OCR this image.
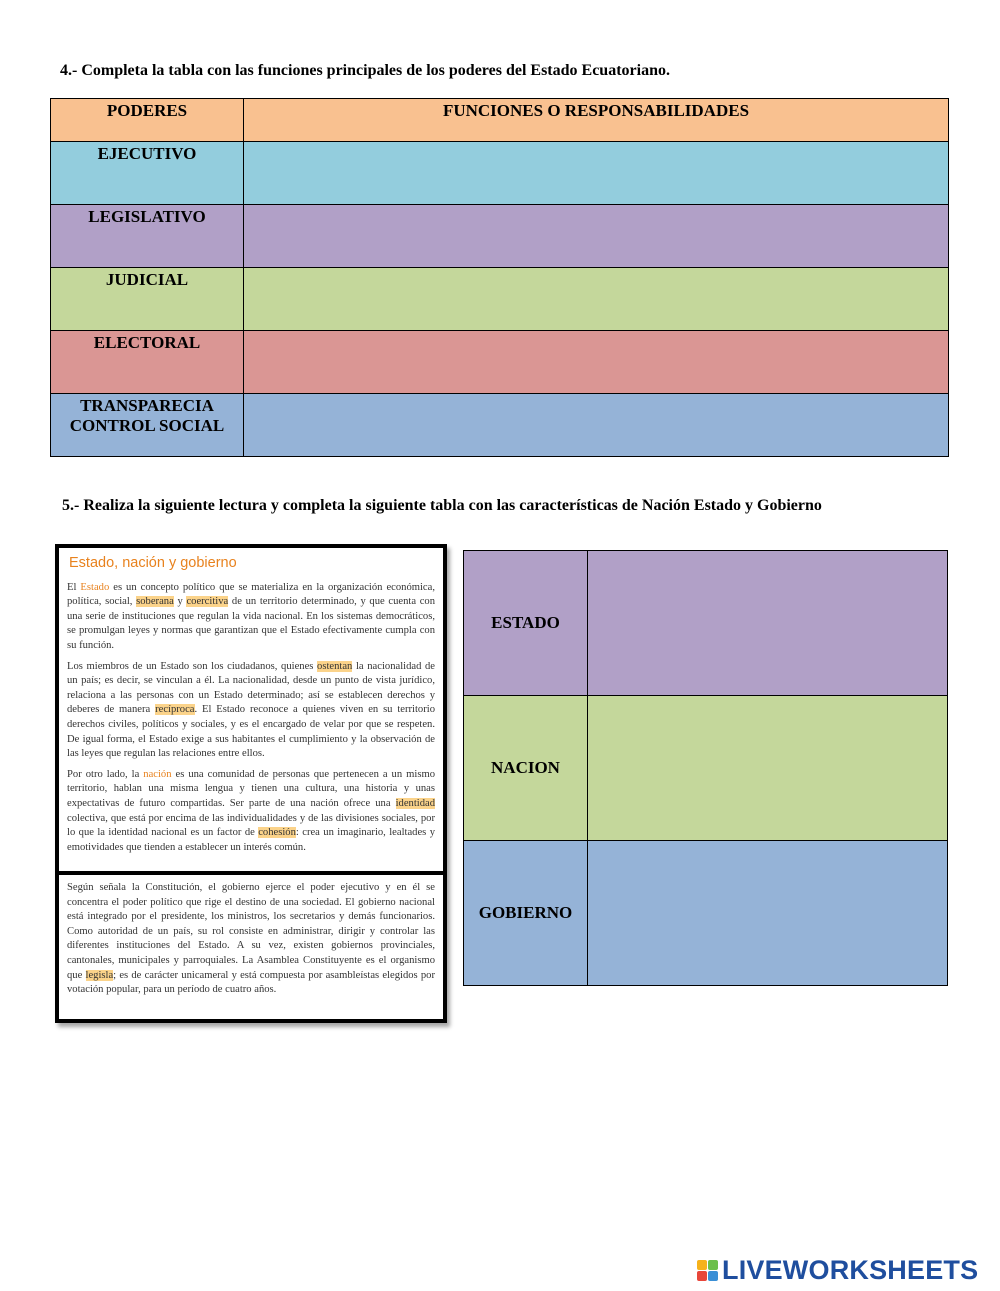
4.- Completa la tabla con las funciones principales de los poderes del Estado Ecuatoriano.
PODERES	FUNCIONES O RESPONSABILIDADES

EJECUTIVO	

LEGISLATIVO	

JUDICIAL	

ELECTORAL	

TRANSPARECIA
CONTROL SOCIAL	

5.- Realiza la siguiente lectura y completa la siguiente tabla con las características de Nación Estado y Gobierno
Estado, nación y gobierno

El Estado es un concepto político que se materializa en la organización económica, política, social, soberana y coercitiva de un territorio determinado, y que cuenta con una serie de instituciones que regulan la vida nacional. En los sistemas democráticos, se promulgan leyes y normas que garantizan que el Estado efectivamente cumpla con su función.

Los miembros de un Estado son los ciudadanos, quienes ostentan la nacionalidad de un país; es decir, se vinculan a él. La nacionalidad, desde un punto de vista jurídico, relaciona a las personas con un Estado determinado; así se establecen derechos y deberes de manera recíproca. El Estado reconoce a quienes viven en su territorio derechos civiles, políticos y sociales, y es el encargado de velar por que se respeten. De igual forma, el Estado exige a sus habitantes el cumplimiento y la observación de las leyes que regulan las relaciones entre ellos.

Por otro lado, la nación es una comunidad de personas que pertenecen a un mismo territorio, hablan una misma lengua y tienen una cultura, una historia y unas expectativas de futuro compartidas. Ser parte de una nación ofrece una identidad colectiva, que está por encima de las individualidades y de las divisiones sociales, por lo que la identidad nacional es un factor de cohesión: crea un imaginario, lealtades y emotividades que tienden a establecer un interés común.

Según señala la Constitución, el gobierno ejerce el poder ejecutivo y en él se concentra el poder político que rige el destino de una sociedad. El gobierno nacional está integrado por el presidente, los ministros, los secretarios y demás funcionarios. Como autoridad de un país, su rol consiste en administrar, dirigir y controlar las diferentes instituciones del Estado. A su vez, existen gobiernos provinciales, cantonales, municipales y parroquiales. La Asamblea Constituyente es el organismo que legisla; es de carácter unicameral y está compuesta por asambleístas elegidos por votación popular, para un período de cuatro años.

ESTADO	
NACION	
GOBIERNO	
LIVEWORKSHEETS
